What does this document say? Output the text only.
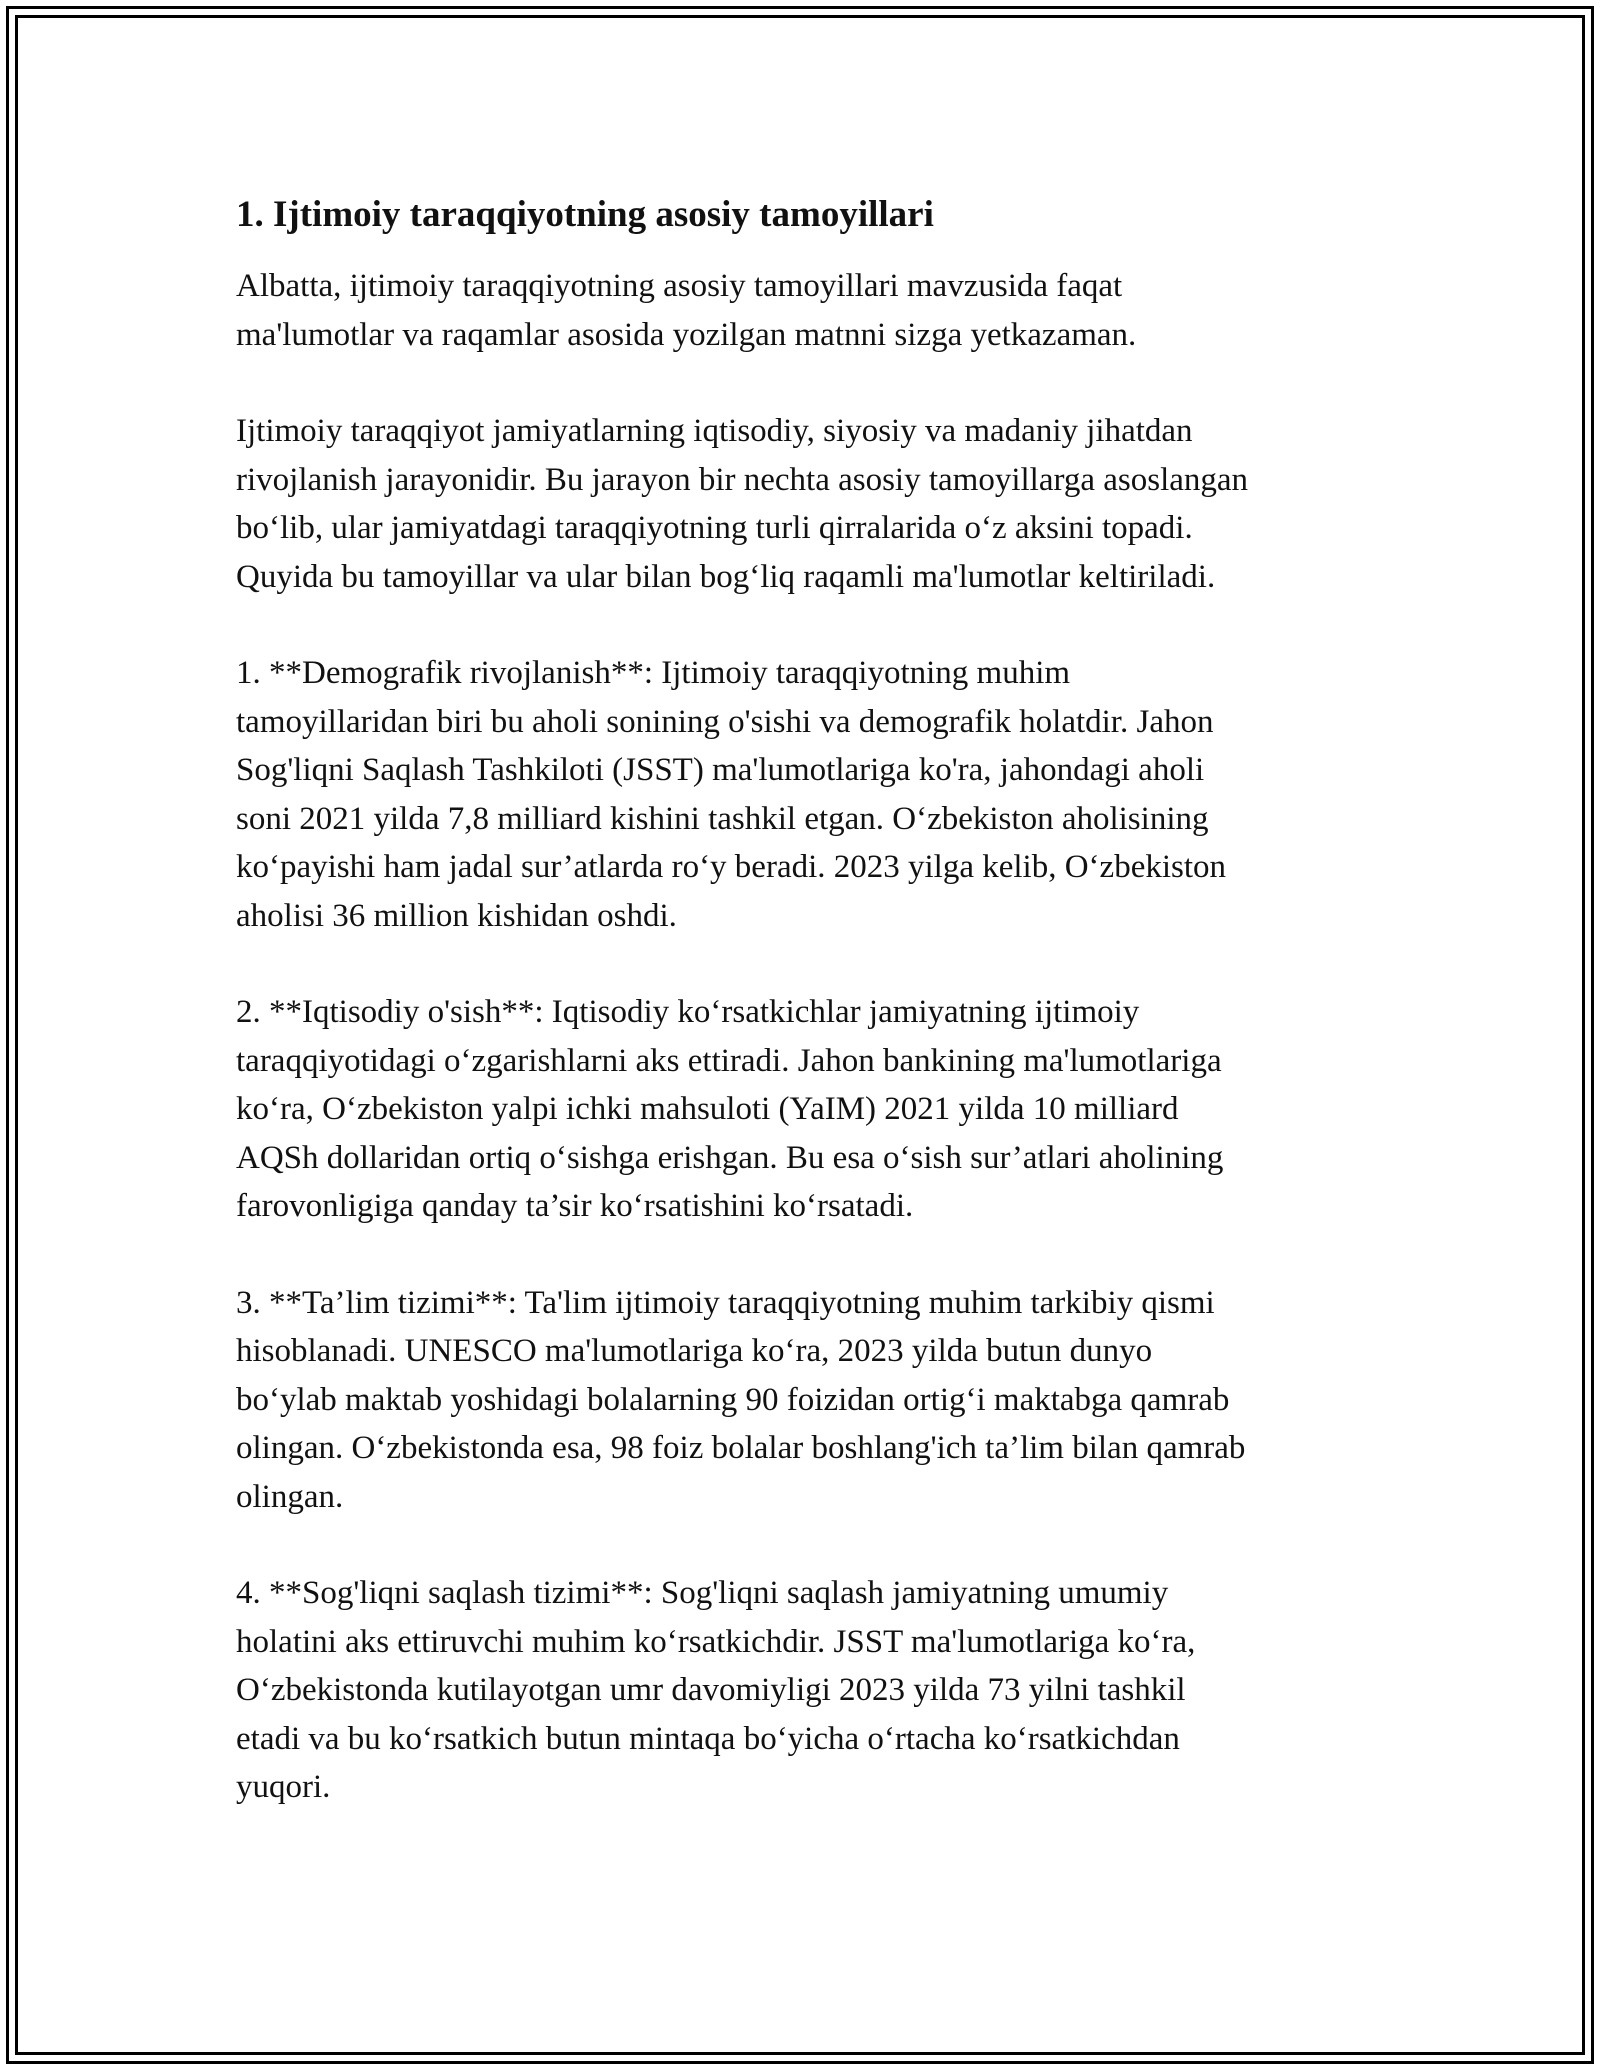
1. Ijtimoiy taraqqiyotning asosiy tamoyillari

Albatta, ijtimoiy taraqqiyotning asosiy tamoyillari mavzusida faqat
ma'lumotlar va raqamlar asosida yozilgan matnni sizga yetkazaman.

Ijtimoiy taraqqiyot jamiyatlarning iqtisodiy, siyosiy va madaniy jihatdan
rivojlanish jarayonidir. Bu jarayon bir nechta asosiy tamoyillarga asoslangan
bo‘lib, ular jamiyatdagi taraqqiyotning turli qirralarida o‘z aksini topadi.
Quyida bu tamoyillar va ular bilan bog‘liq raqamli ma'lumotlar keltiriladi.

1. **Demografik rivojlanish**: Ijtimoiy taraqqiyotning muhim
tamoyillaridan biri bu aholi sonining o'sishi va demografik holatdir. Jahon
Sog'liqni Saqlash Tashkiloti (JSST) ma'lumotlariga ko'ra, jahondagi aholi
soni 2021 yilda 7,8 milliard kishini tashkil etgan. O‘zbekiston aholisining
ko‘payishi ham jadal sur’atlarda ro‘y beradi. 2023 yilga kelib, O‘zbekiston
aholisi 36 million kishidan oshdi.

2. **Iqtisodiy o'sish**: Iqtisodiy ko‘rsatkichlar jamiyatning ijtimoiy
taraqqiyotidagi o‘zgarishlarni aks ettiradi. Jahon bankining ma'lumotlariga
ko‘ra, O‘zbekiston yalpi ichki mahsuloti (YaIM) 2021 yilda 10 milliard
AQSh dollaridan ortiq o‘sishga erishgan. Bu esa o‘sish sur’atlari aholining
farovonligiga qanday ta’sir ko‘rsatishini ko‘rsatadi.

3. **Ta’lim tizimi**: Ta'lim ijtimoiy taraqqiyotning muhim tarkibiy qismi
hisoblanadi. UNESCO ma'lumotlariga ko‘ra, 2023 yilda butun dunyo
bo‘ylab maktab yoshidagi bolalarning 90 foizidan ortig‘i maktabga qamrab
olingan. O‘zbekistonda esa, 98 foiz bolalar boshlang'ich ta’lim bilan qamrab
olingan.

4. **Sog'liqni saqlash tizimi**: Sog'liqni saqlash jamiyatning umumiy
holatini aks ettiruvchi muhim ko‘rsatkichdir. JSST ma'lumotlariga ko‘ra,
O‘zbekistonda kutilayotgan umr davomiyligi 2023 yilda 73 yilni tashkil
etadi va bu ko‘rsatkich butun mintaqa bo‘yicha o‘rtacha ko‘rsatkichdan
yuqori.
